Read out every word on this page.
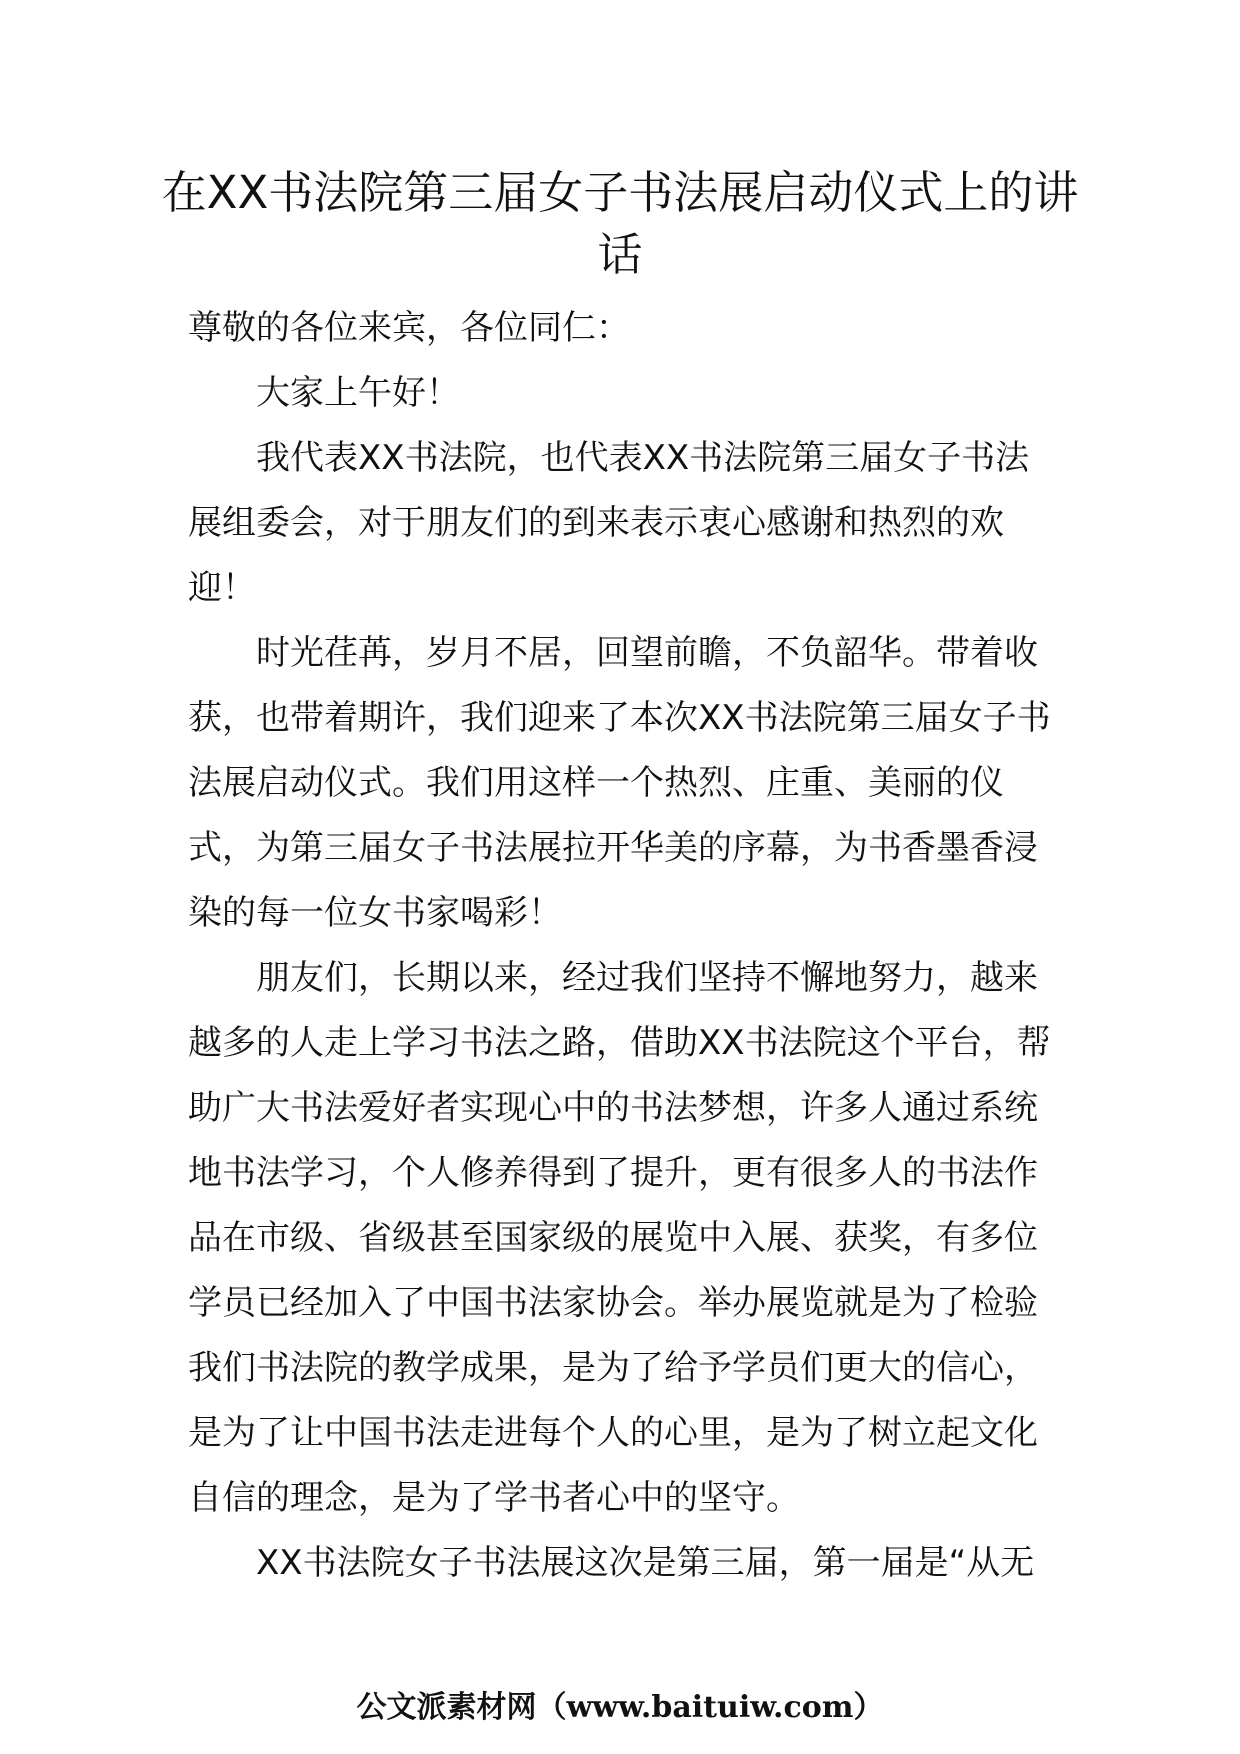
在XX书法院第三届女子书法展启动仪式上的讲话

尊敬的各位来宾，各位同仁：

大家上午好！

我代表XX书法院，也代表XX书法院第三届女子书法展组委会，对于朋友们的到来表示衷心感谢和热烈的欢迎！

时光荏苒，岁月不居，回望前瞻，不负韶华。带着收获，也带着期许，我们迎来了本次XX书法院第三届女子书法展启动仪式。我们用这样一个热烈、庄重、美丽的仪式，为第三届女子书法展拉开华美的序幕，为书香墨香浸染的每一位女书家喝彩！

朋友们，长期以来，经过我们坚持不懈地努力，越来越多的人走上学习书法之路，借助XX书法院这个平台，帮助广大书法爱好者实现心中的书法梦想，许多人通过系统地书法学习，个人修养得到了提升，更有很多人的书法作品在市级、省级甚至国家级的展览中入展、获奖，有多位学员已经加入了中国书法家协会。举办展览就是为了检验我们书法院的教学成果，是为了给予学员们更大的信心，是为了让中国书法走进每个人的心里，是为了树立起文化自信的理念，是为了学书者心中的坚守。

XX书法院女子书法展这次是第三届，第一届是“从无

公文派素材网（www.baituiw.com）
